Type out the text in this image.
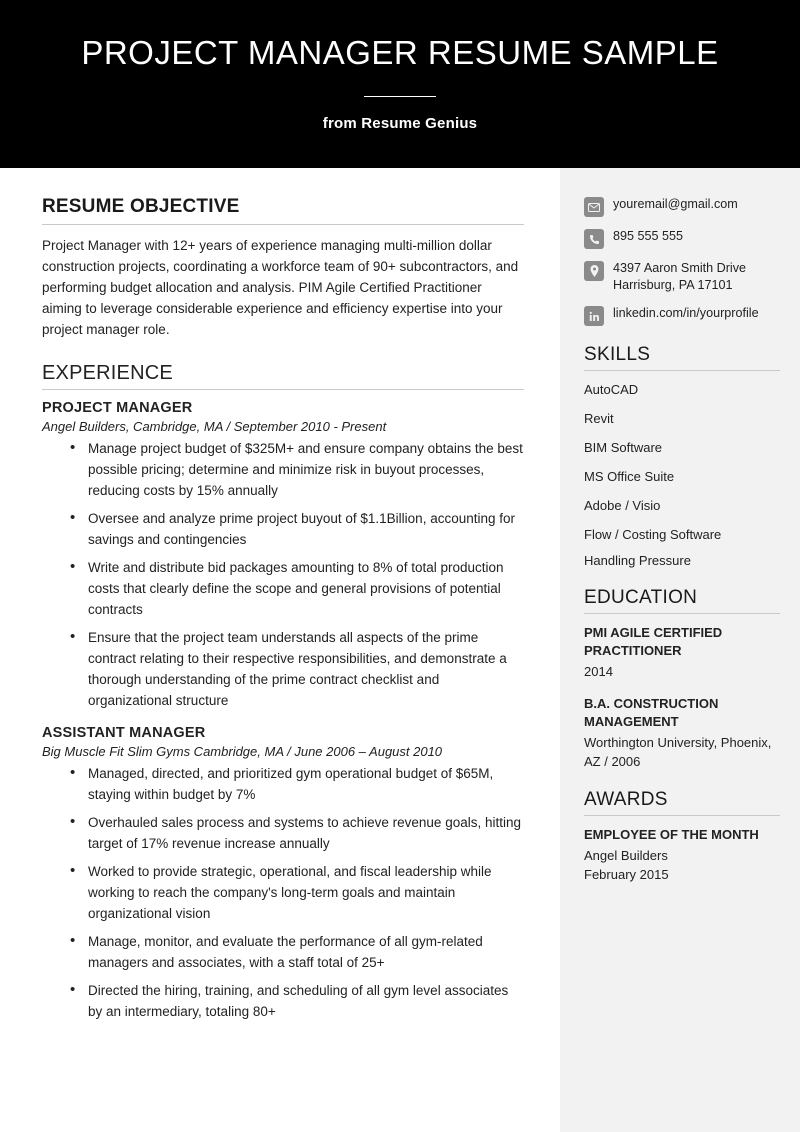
PROJECT MANAGER RESUME SAMPLE

from Resume Genius

RESUME OBJECTIVE

Project Manager with 12+ years of experience managing multi-million dollar construction projects, coordinating a workforce team of 90+ subcontractors, and performing budget allocation and analysis. PIM Agile Certified Practitioner aiming to leverage considerable experience and efficiency expertise into your project manager role.

EXPERIENCE

PROJECT MANAGER

Angel Builders, Cambridge, MA / September 2010 - Present

• Manage project budget of $325M+ and ensure company obtains the best possible pricing; determine and minimize risk in buyout processes, reducing costs by 15% annually
• Oversee and analyze prime project buyout of $1.1Billion, accounting for savings and contingencies
• Write and distribute bid packages amounting to 8% of total production costs that clearly define the scope and general provisions of potential contracts
• Ensure that the project team understands all aspects of the prime contract relating to their respective responsibilities, and demonstrate a thorough understanding of the prime contract checklist and organizational structure

ASSISTANT MANAGER

Big Muscle Fit Slim Gyms Cambridge, MA / June 2006 – August 2010

• Managed, directed, and prioritized gym operational budget of $65M, staying within budget by 7%
• Overhauled sales process and systems to achieve revenue goals, hitting target of 17% revenue increase annually
• Worked to provide strategic, operational, and fiscal leadership while working to reach the company's long-term goals and maintain organizational vision
• Manage, monitor, and evaluate the performance of all gym-related managers and associates, with a staff total of 25+
• Directed the hiring, training, and scheduling of all gym level associates by an intermediary, totaling 80+
youremail@gmail.com
895 555 555
4397 Aaron Smith Drive Harrisburg, PA 17101
linkedin.com/in/yourprofile
SKILLS
AutoCAD
Revit
BIM Software
MS Office Suite
Adobe / Visio
Flow / Costing Software
Handling Pressure
EDUCATION

PMI AGILE CERTIFIED PRACTITIONER

2014

B.A. CONSTRUCTION MANAGEMENT

Worthington University, Phoenix, AZ / 2006

AWARDS

EMPLOYEE OF THE MONTH

Angel Builders

February 2015
